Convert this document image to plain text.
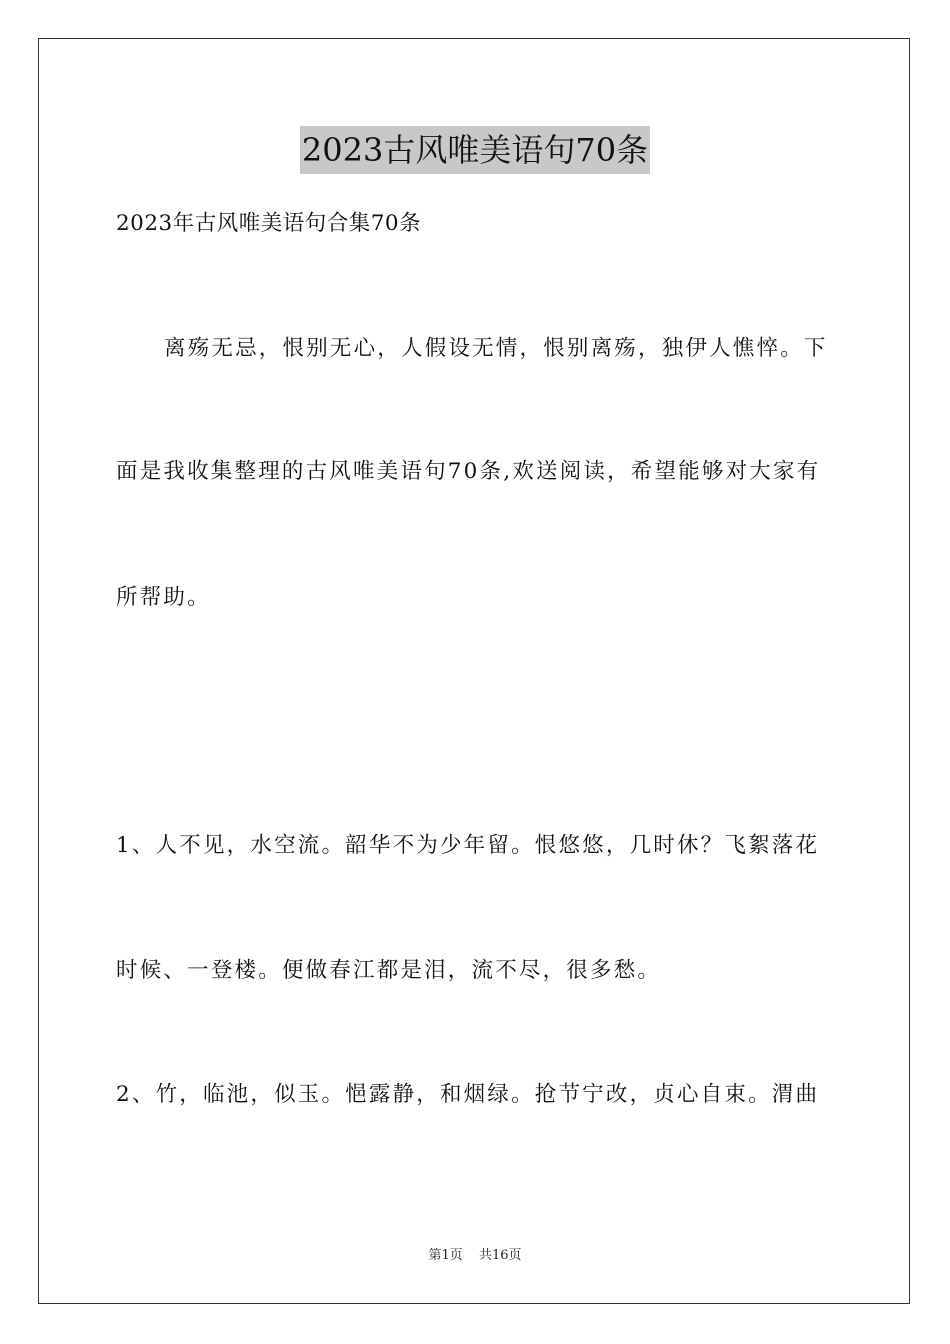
2023古风唯美语句70条
2023年古风唯美语句合集70条
离殇无忌，恨别无心，人假设无情，恨别离殇，独伊人憔悴。下
面是我收集整理的古风唯美语句70条,欢送阅读，希望能够对大家有
所帮助。
1、人不见，水空流。韶华不为少年留。恨悠悠，几时休？飞絮落花
时候、一登楼。便做春江都是泪，流不尽，很多愁。
2、竹，临池，似玉。悒露静，和烟绿。抢节宁改，贞心自束。渭曲
第1页 共16页
